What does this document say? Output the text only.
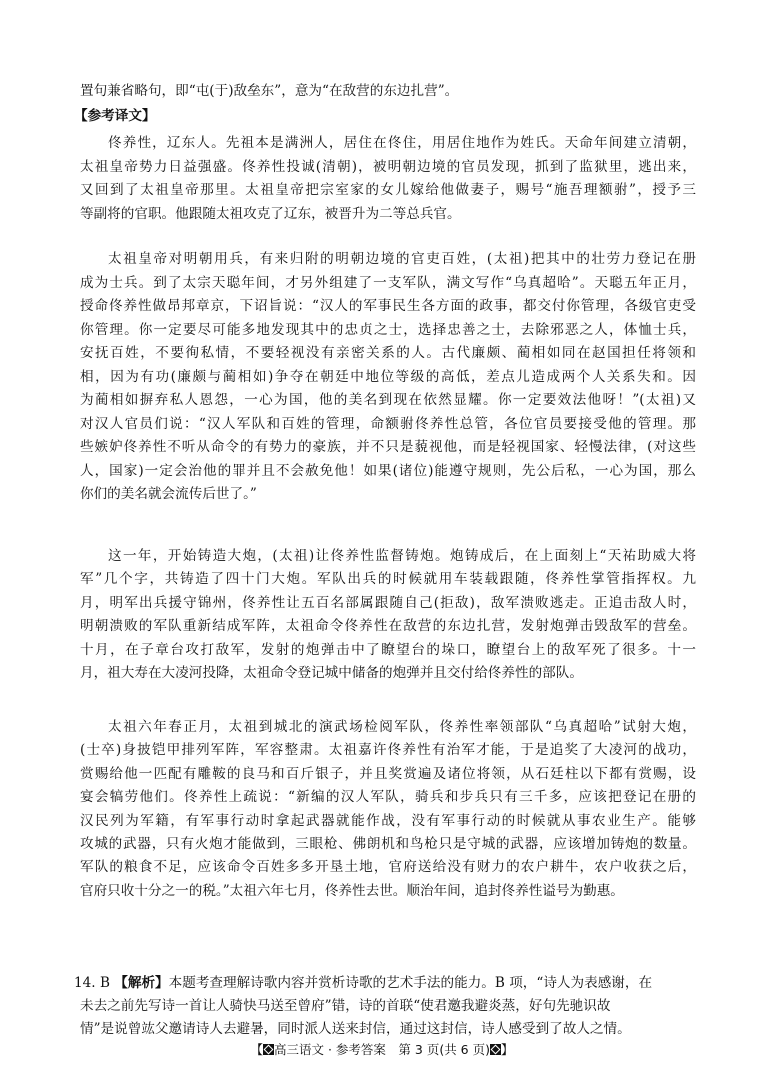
置句兼省略句，即“屯(于)敌垒东”，意为“在敌营的东边扎营”。
【参考译文】
佟养性，辽东人。先祖本是满洲人，居住在佟住，用居住地作为姓氏。天命年间建立清朝，
太祖皇帝势力日益强盛。佟养性投诚(清朝)，被明朝边境的官员发现，抓到了监狱里，逃出来，
又回到了太祖皇帝那里。太祖皇帝把宗室家的女儿嫁给他做妻子，赐号“施吾理额驸”，授予三
等副将的官职。他跟随太祖攻克了辽东，被晋升为二等总兵官。
太祖皇帝对明朝用兵，有来归附的明朝边境的官吏百姓，(太祖)把其中的壮劳力登记在册
成为士兵。到了太宗天聪年间，才另外组建了一支军队，满文写作“乌真超哈”。天聪五年正月，
授命佟养性做昂邦章京，下诏旨说：“汉人的军事民生各方面的政事，都交付你管理，各级官吏受
你管理。你一定要尽可能多地发现其中的忠贞之士，选择忠善之士，去除邪恶之人，体恤士兵，
安抚百姓，不要徇私情，不要轻视没有亲密关系的人。古代廉颇、蔺相如同在赵国担任将领和
相，因为有功(廉颇与蔺相如)争夺在朝廷中地位等级的高低，差点儿造成两个人关系失和。因
为蔺相如摒弃私人恩怨，一心为国，他的美名到现在依然显耀。你一定要效法他呀！”(太祖)又
对汉人官员们说：“汉人军队和百姓的管理，命额驸佟养性总管，各位官员要接受他的管理。那
些嫉妒佟养性不听从命令的有势力的豪族，并不只是藐视他，而是轻视国家、轻慢法律，(对这些
人，国家)一定会治他的罪并且不会赦免他！如果(诸位)能遵守规则，先公后私，一心为国，那么
你们的美名就会流传后世了。”
这一年，开始铸造大炮，(太祖)让佟养性监督铸炮。炮铸成后，在上面刻上“天祐助威大将
军”几个字，共铸造了四十门大炮。军队出兵的时候就用车装载跟随，佟养性掌管指挥权。九
月，明军出兵援守锦州，佟养性让五百名部属跟随自己(拒敌)，敌军溃败逃走。正追击敌人时，
明朝溃败的军队重新结成军阵，太祖命令佟养性在敌营的东边扎营，发射炮弹击毁敌军的营垒。
十月，在子章台攻打敌军，发射的炮弹击中了瞭望台的垛口，瞭望台上的敌军死了很多。十一
月，祖大寿在大凌河投降，太祖命令登记城中储备的炮弹并且交付给佟养性的部队。
太祖六年春正月，太祖到城北的演武场检阅军队，佟养性率领部队“乌真超哈”试射大炮，
(士卒)身披铠甲排列军阵，军容整肃。太祖嘉许佟养性有治军才能，于是追奖了大凌河的战功，
赏赐给他一匹配有雕鞍的良马和百斤银子，并且奖赏遍及诸位将领，从石廷柱以下都有赏赐，设
宴会犒劳他们。佟养性上疏说：“新编的汉人军队，骑兵和步兵只有三千多，应该把登记在册的
汉民列为军籍，有军事行动时拿起武器就能作战，没有军事行动的时候就从事农业生产。能够
攻城的武器，只有火炮才能做到，三眼枪、佛朗机和鸟枪只是守城的武器，应该增加铸炮的数量。
军队的粮食不足，应该命令百姓多多开垦土地，官府送给没有财力的农户耕牛，农户收获之后，
官府只收十分之一的税。”太祖六年七月，佟养性去世。顺治年间，追封佟养性谥号为勤惠。
14. B 【解析】本题考查理解诗歌内容并赏析诗歌的艺术手法的能力。B 项，“诗人为表感谢，在
未去之前先写诗一首让人骑快马送至曾府”错，诗的首联“使君邀我避炎蒸，好句先驰识故
情”是说曾竑父邀请诗人去避暑，同时派人送来封信，通过这封信，诗人感受到了故人之情。
【 高三语文 · 参考答案　第 3 页(共 6 页) 】
